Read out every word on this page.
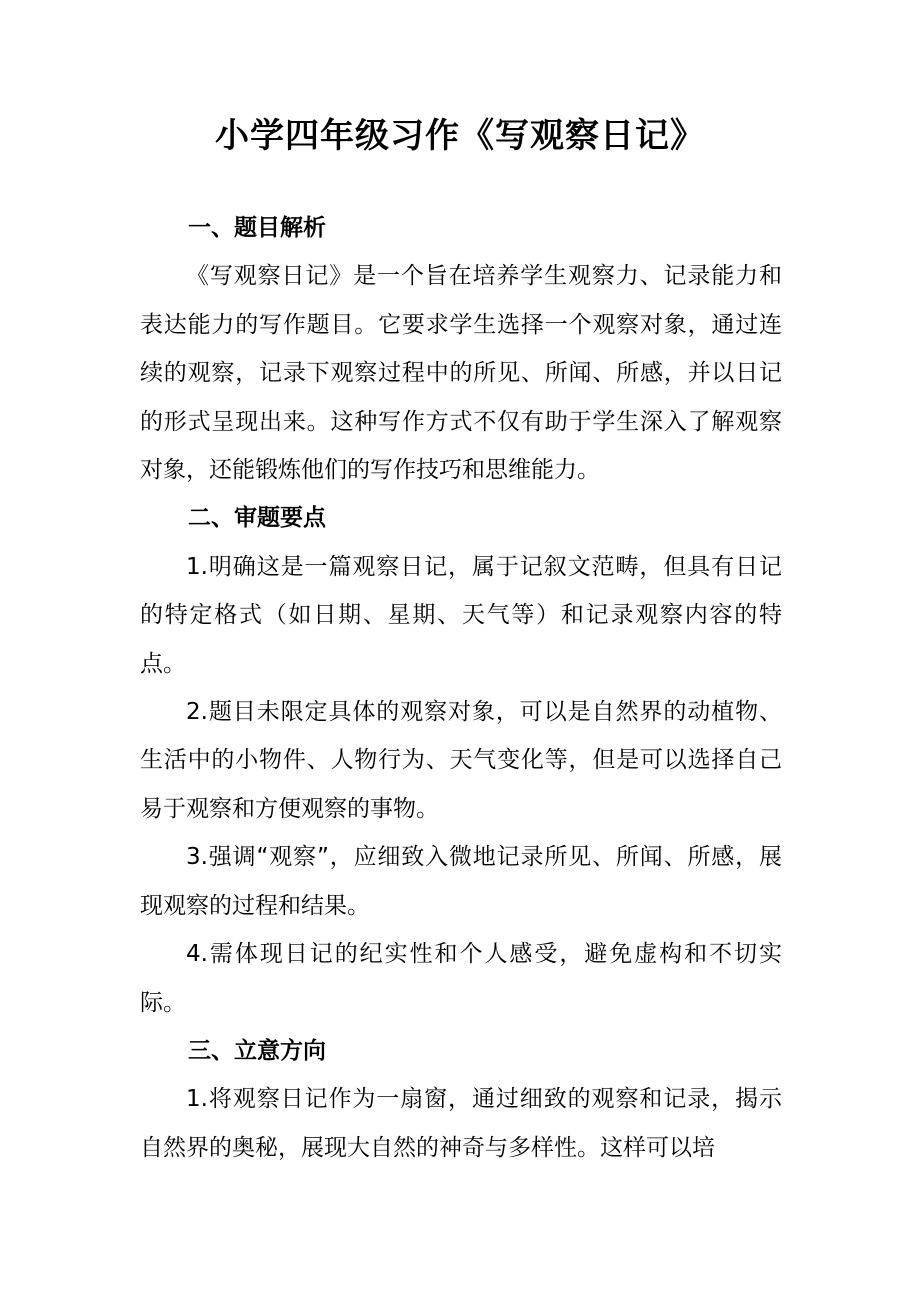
小学四年级习作《写观察日记》

一、题目解析

《写观察日记》是一个旨在培养学生观察力、记录能力和表达能力的写作题目。它要求学生选择一个观察对象，通过连续的观察，记录下观察过程中的所见、所闻、所感，并以日记的形式呈现出来。这种写作方式不仅有助于学生深入了解观察对象，还能锻炼他们的写作技巧和思维能力。

二、审题要点

1.明确这是一篇观察日记，属于记叙文范畴，但具有日记的特定格式（如日期、星期、天气等）和记录观察内容的特点。

2.题目未限定具体的观察对象，可以是自然界的动植物、生活中的小物件、人物行为、天气变化等，但是可以选择自己易于观察和方便观察的事物。

3.强调“观察”，应细致入微地记录所见、所闻、所感，展现观察的过程和结果。

4.需体现日记的纪实性和个人感受，避免虚构和不切实际。

三、立意方向

1.将观察日记作为一扇窗，通过细致的观察和记录，揭示自然界的奥秘，展现大自然的神奇与多样性。这样可以培
